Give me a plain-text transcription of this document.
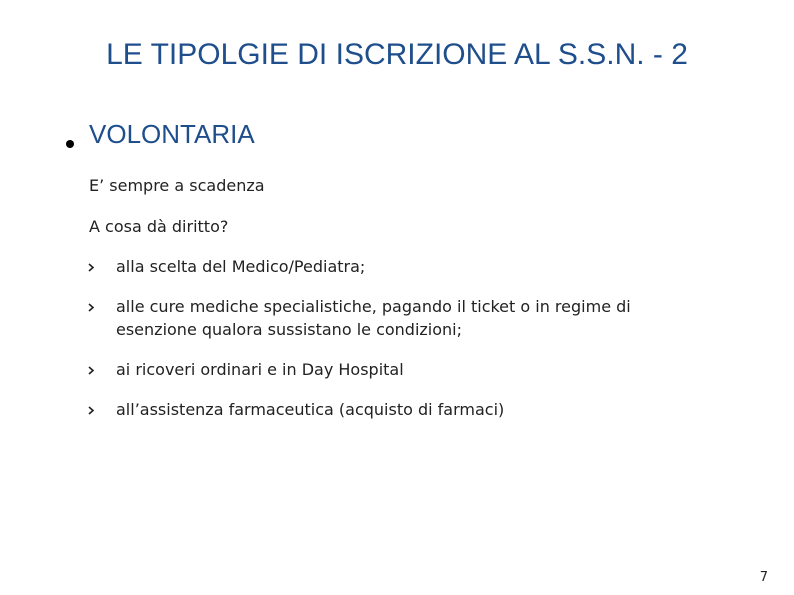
LE TIPOLGIE DI ISCRIZIONE AL S.S.N. - 2
VOLONTARIA
E’ sempre a scadenza
A cosa dà diritto?
alla scelta del Medico/Pediatra;
alle cure mediche specialistiche, pagando il ticket o in regime di esenzione qualora sussistano le condizioni;
ai ricoveri ordinari e in Day Hospital
all’assistenza farmaceutica (acquisto di farmaci)
7
